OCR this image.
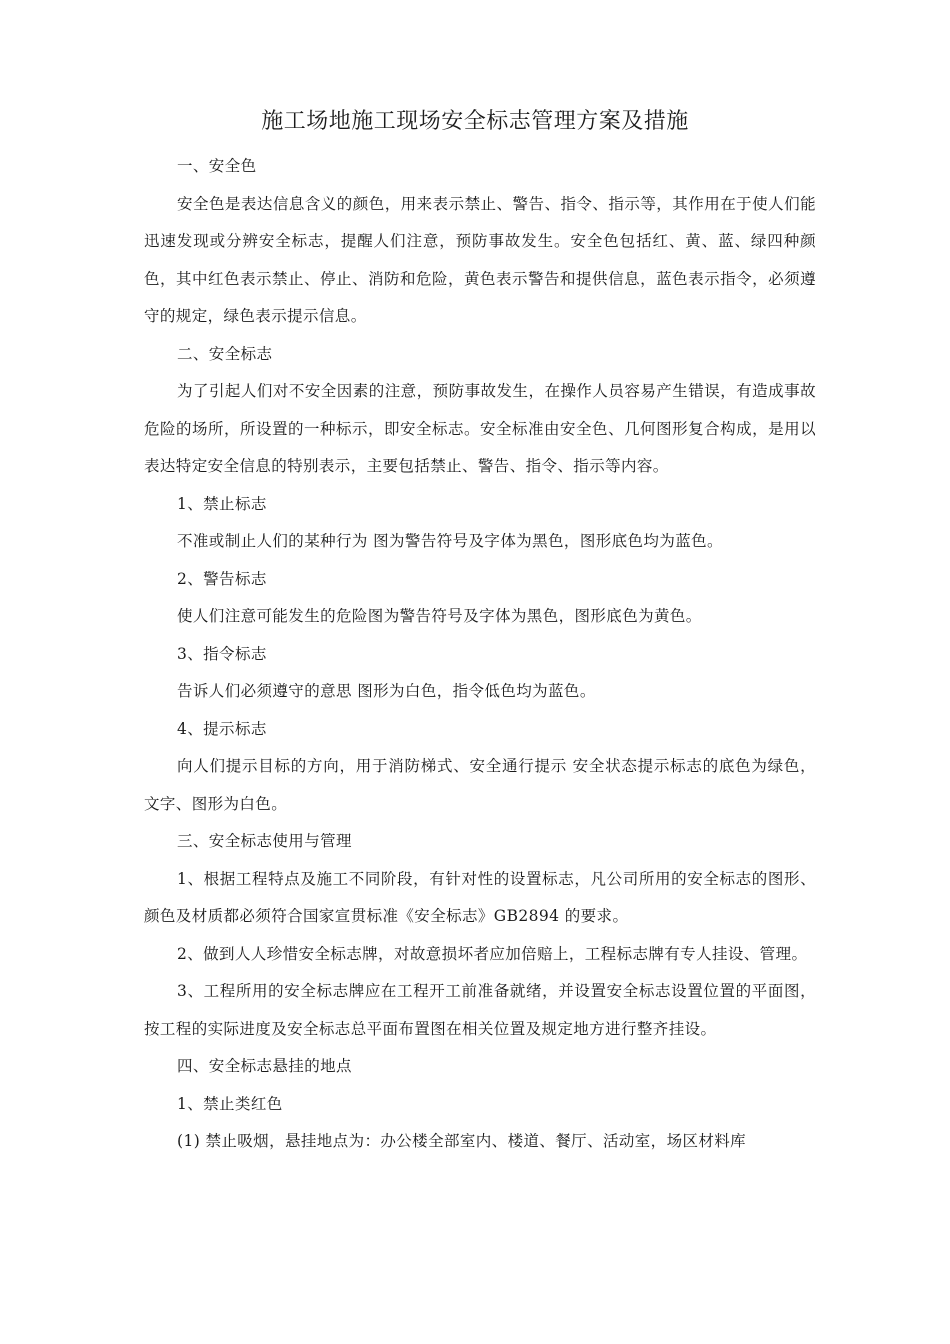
施工场地施工现场安全标志管理方案及措施

一、安全色

安全色是表达信息含义的颜色，用来表示禁止、警告、指令、指示等，其作用在于使人们能迅速发现或分辨安全标志，提醒人们注意，预防事故发生。安全色包括红、黄、蓝、绿四种颜色，其中红色表示禁止、停止、消防和危险，黄色表示警告和提供信息，蓝色表示指令，必须遵守的规定，绿色表示提示信息。

二、安全标志

为了引起人们对不安全因素的注意，预防事故发生，在操作人员容易产生错误，有造成事故危险的场所，所设置的一种标示，即安全标志。安全标准由安全色、几何图形复合构成，是用以表达特定安全信息的特别表示，主要包括禁止、警告、指令、指示等内容。

1、禁止标志

不准或制止人们的某种行为 图为警告符号及字体为黑色，图形底色均为蓝色。

2、警告标志

使人们注意可能发生的危险图为警告符号及字体为黑色，图形底色为黄色。

3、指令标志

告诉人们必须遵守的意思 图形为白色，指令低色均为蓝色。

4、提示标志

向人们提示目标的方向，用于消防梯式、安全通行提示 安全状态提示标志的底色为绿色，文字、图形为白色。

三、安全标志使用与管理

1、根据工程特点及施工不同阶段，有针对性的设置标志，凡公司所用的安全标志的图形、颜色及材质都必须符合国家宣贯标准《安全标志》GB2894 的要求。

2、做到人人珍惜安全标志牌，对故意损坏者应加倍赔上，工程标志牌有专人挂设、管理。

3、工程所用的安全标志牌应在工程开工前准备就绪，并设置安全标志设置位置的平面图，按工程的实际进度及安全标志总平面布置图在相关位置及规定地方进行整齐挂设。

四、安全标志悬挂的地点

1、禁止类红色

(1) 禁止吸烟，悬挂地点为：办公楼全部室内、楼道、餐厅、活动室，场区材料库
